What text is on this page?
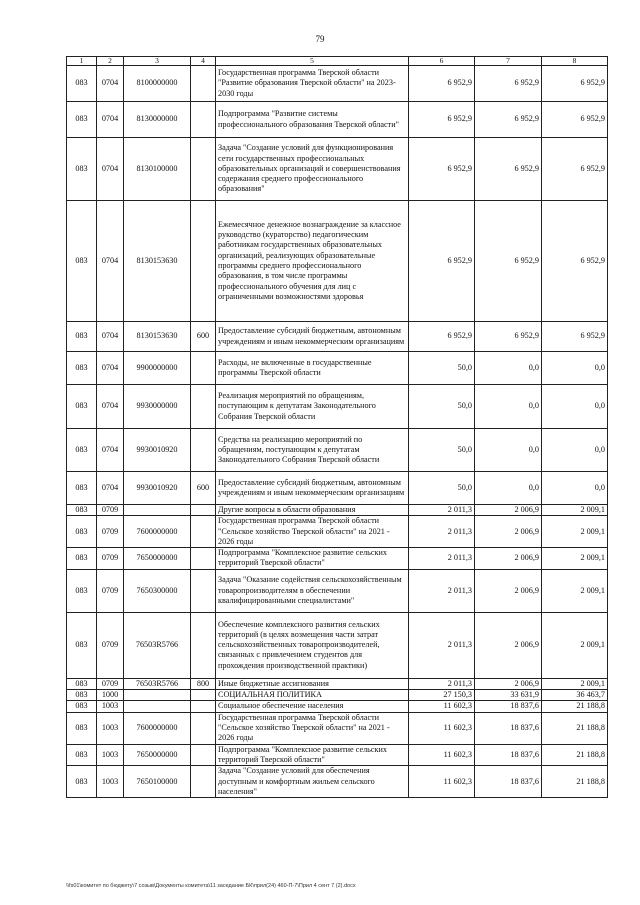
79
1	2	3	4	5	6	7	8
083	0704	8100000000		Государственная программа Тверской области "Развитие образования Тверской области" на 2023-2030 годы	6 952,9	6 952,9	6 952,9
083	0704	8130000000		Подпрограмма "Развитие системы профессионального образования Тверской области"	6 952,9	6 952,9	6 952,9
083	0704	8130100000		Задача "Создание условий для функционирования сети государственных профессиональных образовательных организаций и совершенствования содержания среднего профессионального образования"	6 952,9	6 952,9	6 952,9
083	0704	8130153630		Ежемесячное денежное вознаграждение за классное руководство (кураторство) педагогическим работникам государственных образовательных организаций, реализующих образовательные программы среднего профессионального образования, в том числе программы профессионального обучения для лиц с ограниченными возможностями здоровья	6 952,9	6 952,9	6 952,9
083	0704	8130153630	600	Предоставление субсидий бюджетным, автономным учреждениям и иным некоммерческим организациям	6 952,9	6 952,9	6 952,9
083	0704	9900000000		Расходы, не включенные в государственные программы Тверской области	50,0	0,0	0,0
083	0704	9930000000		Реализация мероприятий по обращениям, поступающим к депутатам Законодательного Собрания Тверской области	50,0	0,0	0,0
083	0704	9930010920		Средства на реализацию мероприятий по обращениям, поступающим к депутатам Законодательного Собрания Тверской области	50,0	0,0	0,0
083	0704	9930010920	600	Предоставление субсидий бюджетным, автономным учреждениям и иным некоммерческим организациям	50,0	0,0	0,0
083	0709			Другие вопросы в области образования	2 011,3	2 006,9	2 009,1
083	0709	7600000000		Государственная программа Тверской области "Сельское хозяйство Тверской области" на 2021 - 2026 годы	2 011,3	2 006,9	2 009,1
083	0709	7650000000		Подпрограмма "Комплексное развитие сельских территорий Тверской области"	2 011,3	2 006,9	2 009,1
083	0709	7650300000		Задача "Оказание содействия сельскохозяйственным товаропроизводителям в обеспечении квалифицированными специалистами"	2 011,3	2 006,9	2 009,1
083	0709	76503R5766		Обеспечение комплексного развития сельских территорий (в целях возмещения части затрат сельскохозяйственных товаропроизводителей, связанных с привлечением студентов для прохождения производственной практики)	2 011,3	2 006,9	2 009,1
083	0709	76503R5766	800	Иные бюджетные ассигнования	2 011,3	2 006,9	2 009,1
083	1000			СОЦИАЛЬНАЯ ПОЛИТИКА	27 150,3	33 631,9	36 463,7
083	1003			Социальное обеспечение населения	11 602,3	18 837,6	21 188,8
083	1003	7600000000		Государственная программа Тверской области "Сельское хозяйство Тверской области" на 2021 - 2026 годы	11 602,3	18 837,6	21 188,8
083	1003	7650000000		Подпрограмма "Комплексное развитие сельских территорий Тверской области"	11 602,3	18 837,6	21 188,8
083	1003	7650100000		Задача "Создание условий для обеспечения доступным и комфортным жильем сельского населения"	11 602,3	18 837,6	21 188,8
\\fs01\комитет по бюджету\7 созыв\Документы комитета\11 заседание БК\прил(24) 460-П-7\Прил 4 сент 7 (2).docx
